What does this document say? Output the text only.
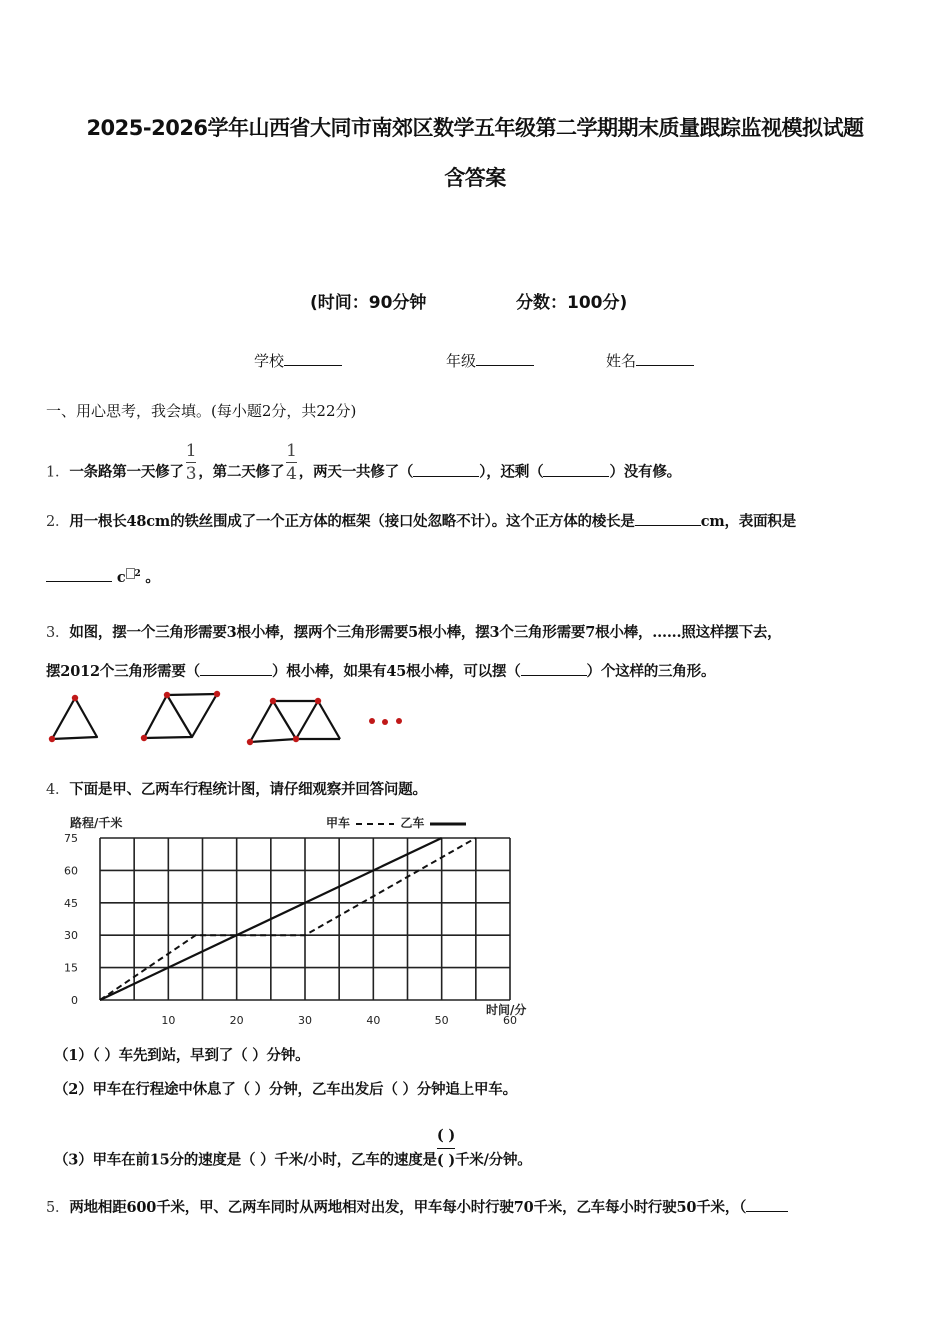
2025-2026学年山西省大同市南郊区数学五年级第二学期期末质量跟踪监视模拟试题
含答案
(时间：90分钟	分数：100分)
学校	年级	姓名
一、用心思考，我会填。(每小题2分，共22分)
1．一条路第一天修了 $\frac{1}{3}$ ，第二天修了 $\frac{1}{4}$ ，两天一共修了（	），还剩（	）没有修。
2．用一根长48cm的铁丝围成了一个正方体的框架（接口处忽略不计）。这个正方体的棱长是	cm，表面积是
c $^2$ 。
3．如图，摆一个三角形需要3根小棒，摆两个三角形需要5根小棒，摆3个三角形需要7根小棒，......照这样摆下去，
摆2012个三角形需要（	）根小棒，如果有45根小棒，可以摆（	）个这样的三角形。
4．下面是甲、乙两车行程统计图，请仔细观察并回答问题。
路程/千米	甲车	乙车
0
15
30
45
60
75
10	20	30	40	50	60
时间/分
（1）（ ）车先到站，早到了（ ）分钟。
（2）甲车在行程途中休息了（ ）分钟，乙车出发后（ ）分钟追上甲车。
（3）甲车在前15分的速度是（ ）千米/小时，乙车的速度是 $\frac{( )}{( )}$ 千米/分钟。
5．两地相距600千米，甲、乙两车同时从两地相对出发，甲车每小时行驶70千米，乙车每小时行驶50千米，（
